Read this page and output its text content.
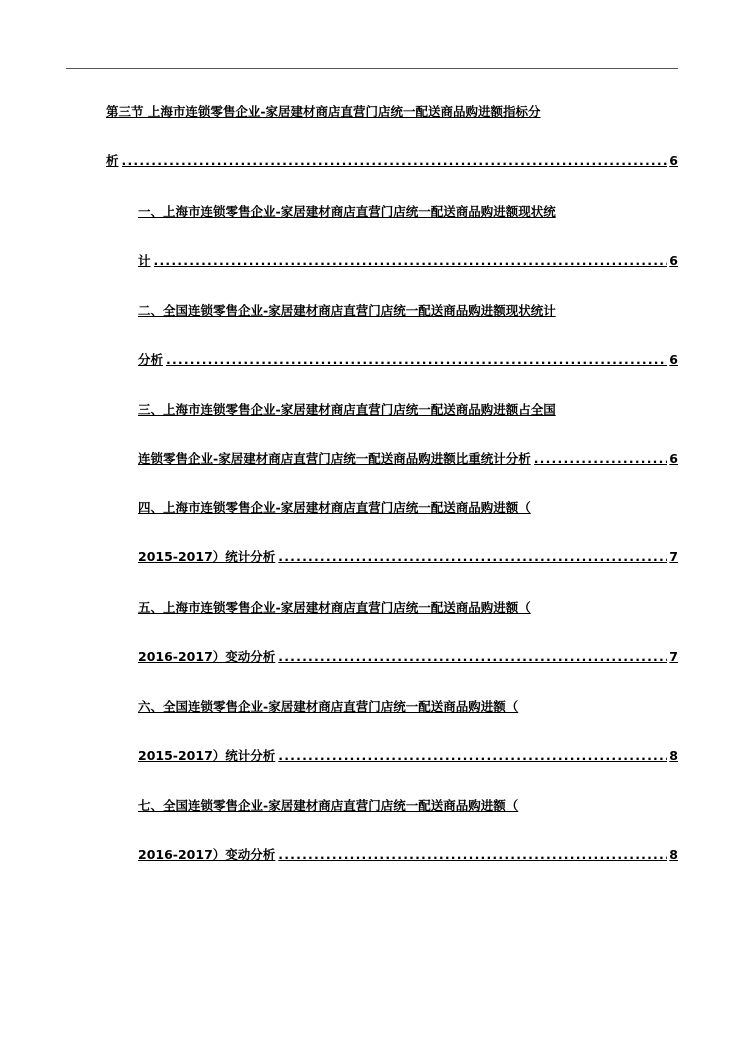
第三节 上海市连锁零售企业-家居建材商店直营门店统一配送商品购进额指标分
析 .....	6
一、上海市连锁零售企业-家居建材商店直营门店统一配送商品购进额现状统
计 .....	6
二、全国连锁零售企业-家居建材商店直营门店统一配送商品购进额现状统计
分析 .....	6
三、上海市连锁零售企业-家居建材商店直营门店统一配送商品购进额占全国
连锁零售企业-家居建材商店直营门店统一配送商品购进额比重统计分析 .....	6
四、上海市连锁零售企业-家居建材商店直营门店统一配送商品购进额（
2015-2017）统计分析 .....	7
五、上海市连锁零售企业-家居建材商店直营门店统一配送商品购进额（
2016-2017）变动分析 .....	7
六、全国连锁零售企业-家居建材商店直营门店统一配送商品购进额（
2015-2017）统计分析 .....	8
七、全国连锁零售企业-家居建材商店直营门店统一配送商品购进额（
2016-2017）变动分析 .....	8
